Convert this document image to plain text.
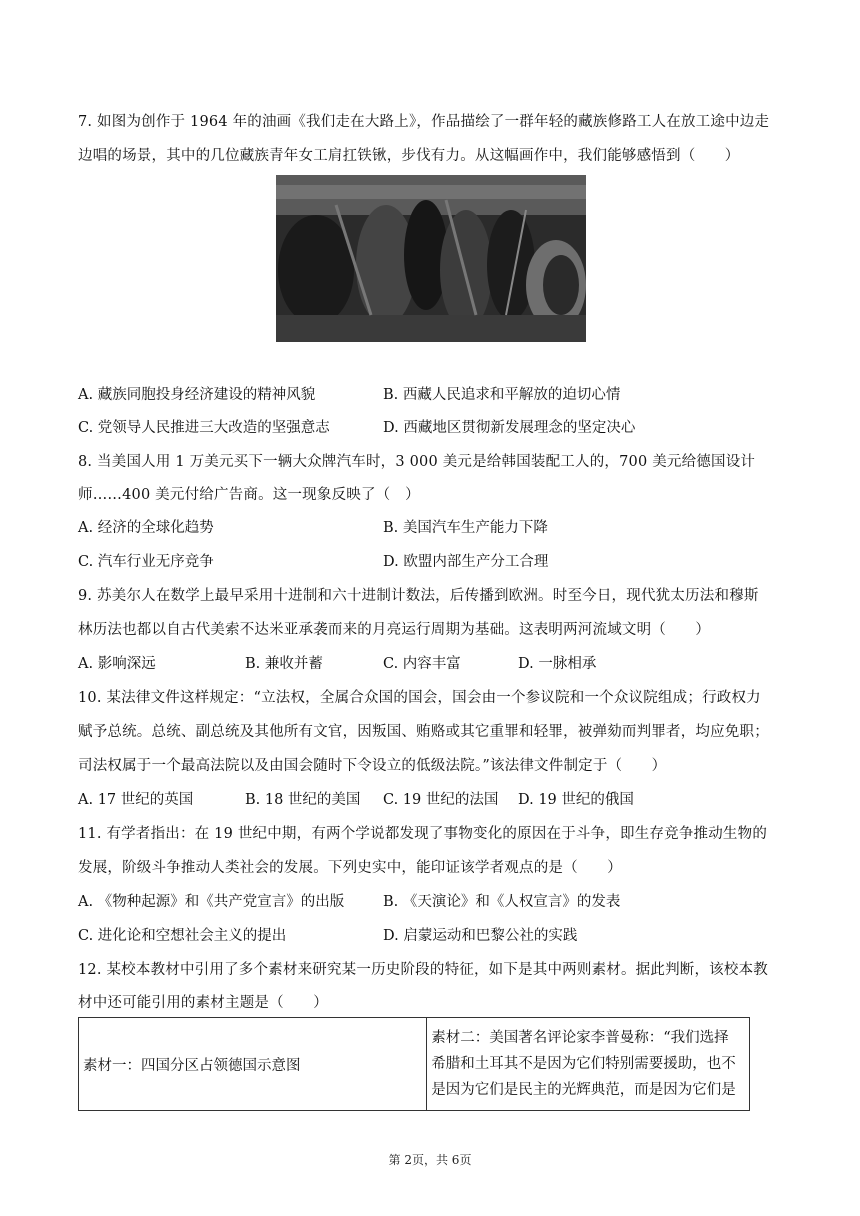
7. 如图为创作于 1964 年的油画《我们走在大路上》，作品描绘了一群年轻的藏族修路工人在放工途中边走
边唱的场景，其中的几位藏族青年女工肩扛铁锹，步伐有力。从这幅画作中，我们能够感悟到（　　）
A. 藏族同胞投身经济建设的精神风貌	B. 西藏人民追求和平解放的迫切心情
C. 党领导人民推进三大改造的坚强意志	D. 西藏地区贯彻新发展理念的坚定决心
8. 当美国人用 1 万美元买下一辆大众牌汽车时，3 000 美元是给韩国装配工人的，700 美元给德国设计
师……400 美元付给广告商。这一现象反映了（　）
A. 经济的全球化趋势	B. 美国汽车生产能力下降
C. 汽车行业无序竞争	D. 欧盟内部生产分工合理
9. 苏美尔人在数学上最早采用十进制和六十进制计数法，后传播到欧洲。时至今日，现代犹太历法和穆斯
林历法也都以自古代美索不达米亚承袭而来的月亮运行周期为基础。这表明两河流域文明（　　）
A. 影响深远	B. 兼收并蓄	C. 内容丰富	D. 一脉相承
10. 某法律文件这样规定：“立法权，全属合众国的国会，国会由一个参议院和一个众议院组成；行政权力
赋予总统。总统、副总统及其他所有文官，因叛国、贿赂或其它重罪和轻罪，被弹劾而判罪者，均应免职；
司法权属于一个最高法院以及由国会随时下令设立的低级法院。”该法律文件制定于（　　）
A. 17 世纪的英国	B. 18 世纪的美国 C. 19 世纪的法国 D. 19 世纪的俄国
11. 有学者指出：在 19 世纪中期，有两个学说都发现了事物变化的原因在于斗争，即生存竞争推动生物的
发展，阶级斗争推动人类社会的发展。下列史实中，能印证该学者观点的是（　　）
A. 《物种起源》和《共产党宣言》的出版	B. 《天演论》和《人权宣言》的发表
C. 进化论和空想社会主义的提出	D. 启蒙运动和巴黎公社的实践
12. 某校本教材中引用了多个素材来研究某一历史阶段的特征，如下是其中两则素材。据此判断，该校本教
材中还可能引用的素材主题是（　　）
素材一：四国分区占领德国示意图	
素材二：美国著名评论家李普曼称：“我们选择
希腊和土耳其不是因为它们特别需要援助，也不
是因为它们是民主的光辉典范，而是因为它们是
第 2页，共 6页
